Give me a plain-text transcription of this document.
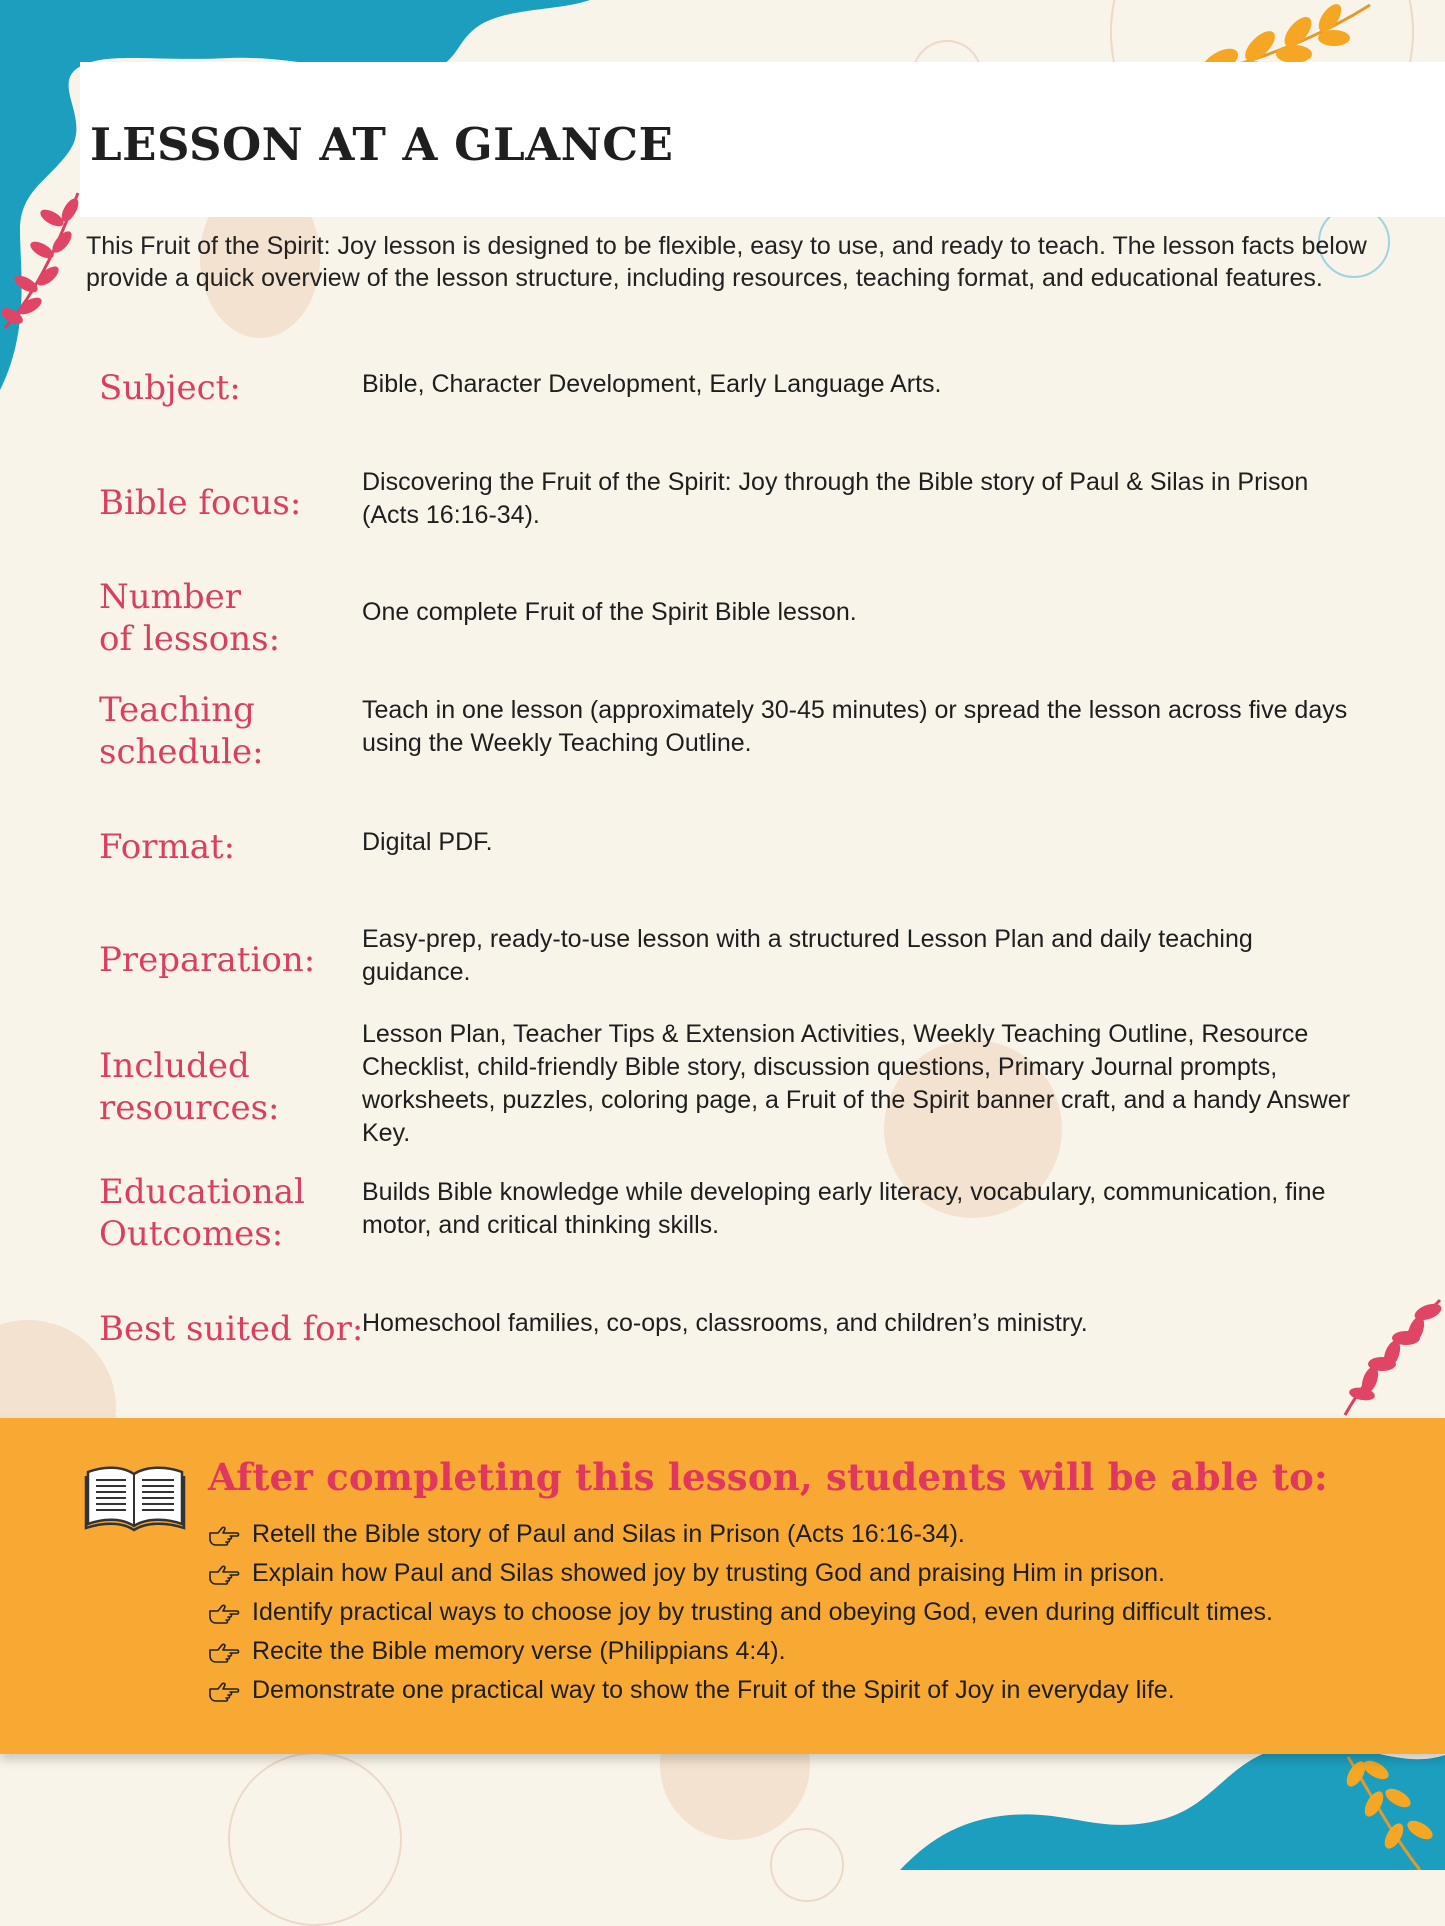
LESSON AT A GLANCE

This Fruit of the Spirit: Joy lesson is designed to be flexible, easy to use, and ready to teach. The lesson facts below provide a quick overview of the lesson structure, including resources, teaching format, and educational features.

Subject:	Bible, Character Development, Early Language Arts.

Bible focus:

Discovering the Fruit of the Spirit: Joy through the Bible story of Paul & Silas in Prison (Acts 16:16-34).

Number
of lessons:

One complete Fruit of the Spirit Bible lesson.

Teaching
schedule:

Teach in one lesson (approximately 30-45 minutes) or spread the lesson across five days using the Weekly Teaching Outline.

Format:	Digital PDF.

Preparation:

Easy-prep, ready-to-use lesson with a structured Lesson Plan and daily teaching guidance.

Included
resources:

Lesson Plan, Teacher Tips & Extension Activities, Weekly Teaching Outline, Resource Checklist, child-friendly Bible story, discussion questions, Primary Journal prompts, worksheets, puzzles, coloring page, a Fruit of the Spirit banner craft, and a handy Answer Key.

Educational
Outcomes:

Builds Bible knowledge while developing early literacy, vocabulary, communication, fine motor, and critical thinking skills.

Best suited for:

Homeschool families, co-ops, classrooms, and children’s ministry.

After completing this lesson, students will be able to:
Retell the Bible story of Paul and Silas in Prison (Acts 16:16-34).
Explain how Paul and Silas showed joy by trusting God and praising Him in prison.
Identify practical ways to choose joy by trusting and obeying God, even during difficult times.
Recite the Bible memory verse (Philippians 4:4).
Demonstrate one practical way to show the Fruit of the Spirit of Joy in everyday life.
